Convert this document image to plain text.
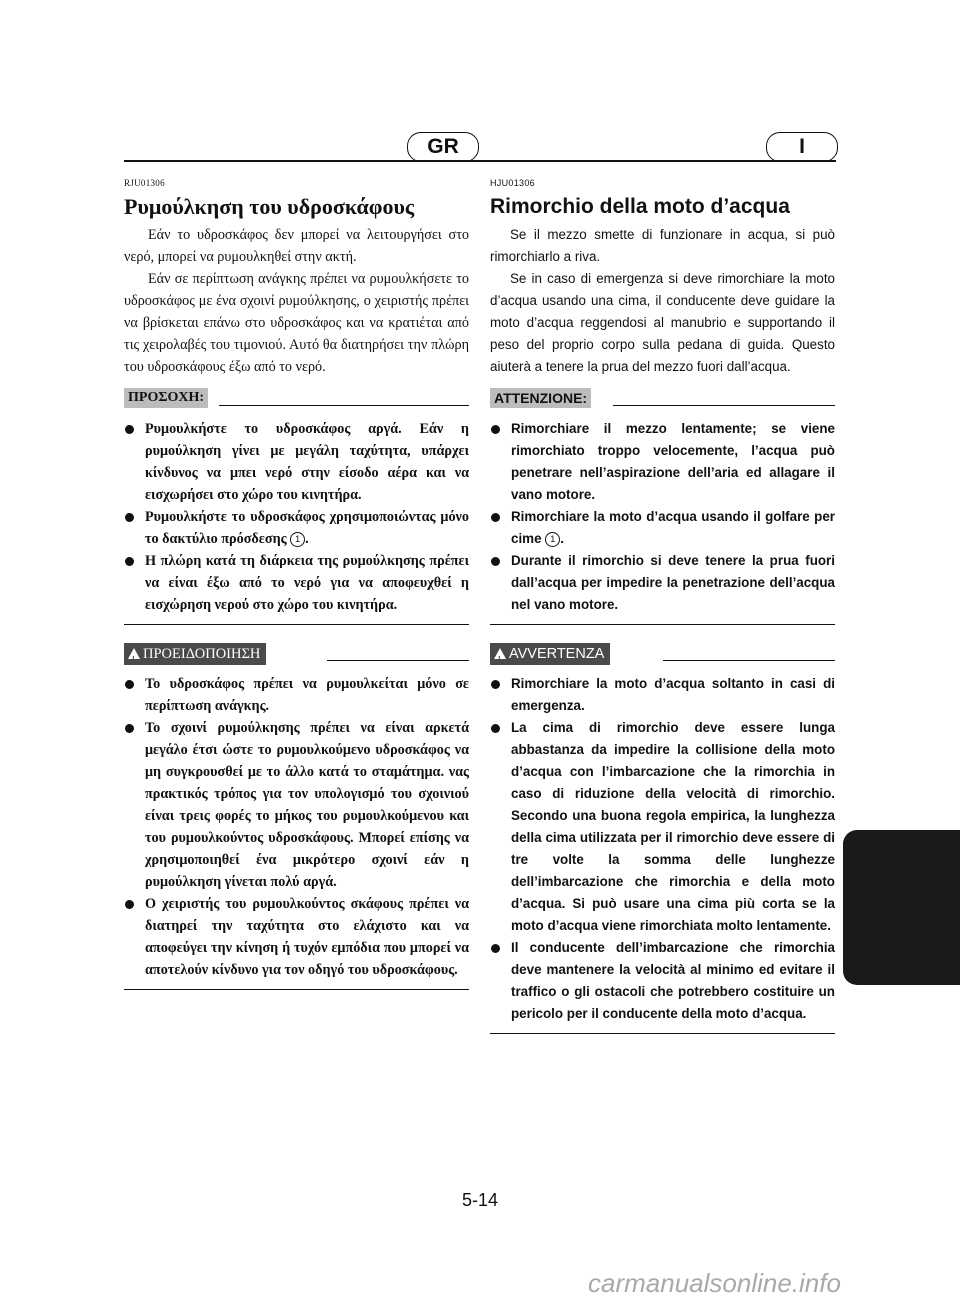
GR	I
RJU01306
Ρυμούλκηση του υδροσκάφους

Εάν το υδροσκάφος δεν μπορεί να λειτουργήσει στο νερό, μπορεί να ρυμουλκηθεί στην ακτή.

Εάν σε περίπτωση ανάγκης πρέπει να ρυμουλκήσετε το υδροσκάφος με ένα σχοινί ρυμούλκησης, ο χειριστής πρέπει να βρίσκεται επάνω στο υδροσκάφος και να κρατιέται από τις χειρολαβές του τιμονιού. Αυτό θα διατηρήσει την πλώρη του υδροσκάφους έξω από το νερό.

ΠΡΟΣΟΧΗ:
Ρυμουλκήστε το υδροσκάφος αργά. Εάν η ρυμούλκηση γίνει με μεγάλη ταχύτητα, υπάρχει κίνδυνος να μπει νερό στην είσοδο αέρα και να εισχωρήσει στο χώρο του κινητήρα.
Ρυμουλκήστε το υδροσκάφος χρησιμοποιώντας μόνο το δακτύλιο πρόσδεσης 1 .
Η πλώρη κατά τη διάρκεια της ρυμούλκησης πρέπει να είναι έξω από το νερό για να αποφευχθεί η εισχώρηση νερού στο χώρο του κινητήρα.
!ΠΡΟΕΙΔΟΠΟΙΗΣΗ
Το υδροσκάφος πρέπει να ρυμουλκείται μόνο σε περίπτωση ανάγκης.
Το σχοινί ρυμούλκησης πρέπει να είναι αρκετά μεγάλο έτσι ώστε το ρυμουλκούμενο υδροσκάφος να μη συγκρουσθεί με το άλλο κατά το σταμάτημα. νας πρακτικός τρόπος για τον υπολογισμό του σχοινιού είναι τρεις φορές το μήκος του ρυμουλκούμενου και του ρυμουλκούντος υδροσκάφους. Μπορεί επίσης να χρησιμοποιηθεί ένα μικρότερο σχοινί εάν η ρυμούλκηση γίνεται πολύ αργά.
Ο χειριστής του ρυμουλκούντος σκάφους πρέπει να διατηρεί την ταχύτητα στο ελάχιστο και να αποφεύγει την κίνηση ή τυχόν εμπόδια που μπορεί να αποτελούν κίνδυνο για τον οδηγό του υδροσκάφους.
HJU01306
Rimorchio della moto d’acqua

Se il mezzo smette di funzionare in acqua, si può rimorchiarlo a riva.

Se in caso di emergenza si deve rimorchiare la moto d’acqua usando una cima, il conducente deve guidare la moto d’acqua reggendosi al manubrio e supportando il peso del proprio corpo sulla pedana di guida. Questo aiuterà a tenere la prua del mezzo fuori dall’acqua.

ATTENZIONE:
Rimorchiare il mezzo lentamente; se viene rimorchiato troppo velocemente, l’acqua può penetrare nell’aspirazione dell’aria ed allagare il vano motore.
Rimorchiare la moto d’acqua usando il golfare per cime 1 .
Durante il rimorchio si deve tenere la prua fuori dall’acqua per impedire la penetrazione dell’acqua nel vano motore.
!AVVERTENZA
Rimorchiare la moto d’acqua soltanto in casi di emergenza.
La cima di rimorchio deve essere lunga abbastanza da impedire la collisione della moto d’acqua con l’imbarcazione che la rimorchia in caso di riduzione della velocità di rimorchio. Secondo una buona regola empirica, la lunghezza della cima utilizzata per il rimorchio deve essere di tre volte la somma delle lunghezze dell’imbarcazione che rimorchia e della moto d’acqua. Si può usare una cima più corta se la moto d’acqua viene rimorchiata molto lentamente.
Il conducente dell’imbarcazione che rimorchia deve mantenere la velocità al minimo ed evitare il traffico o gli ostacoli che potrebbero costituire un pericolo per il conducente della moto d’acqua.
5-14
carmanualsonline.info
